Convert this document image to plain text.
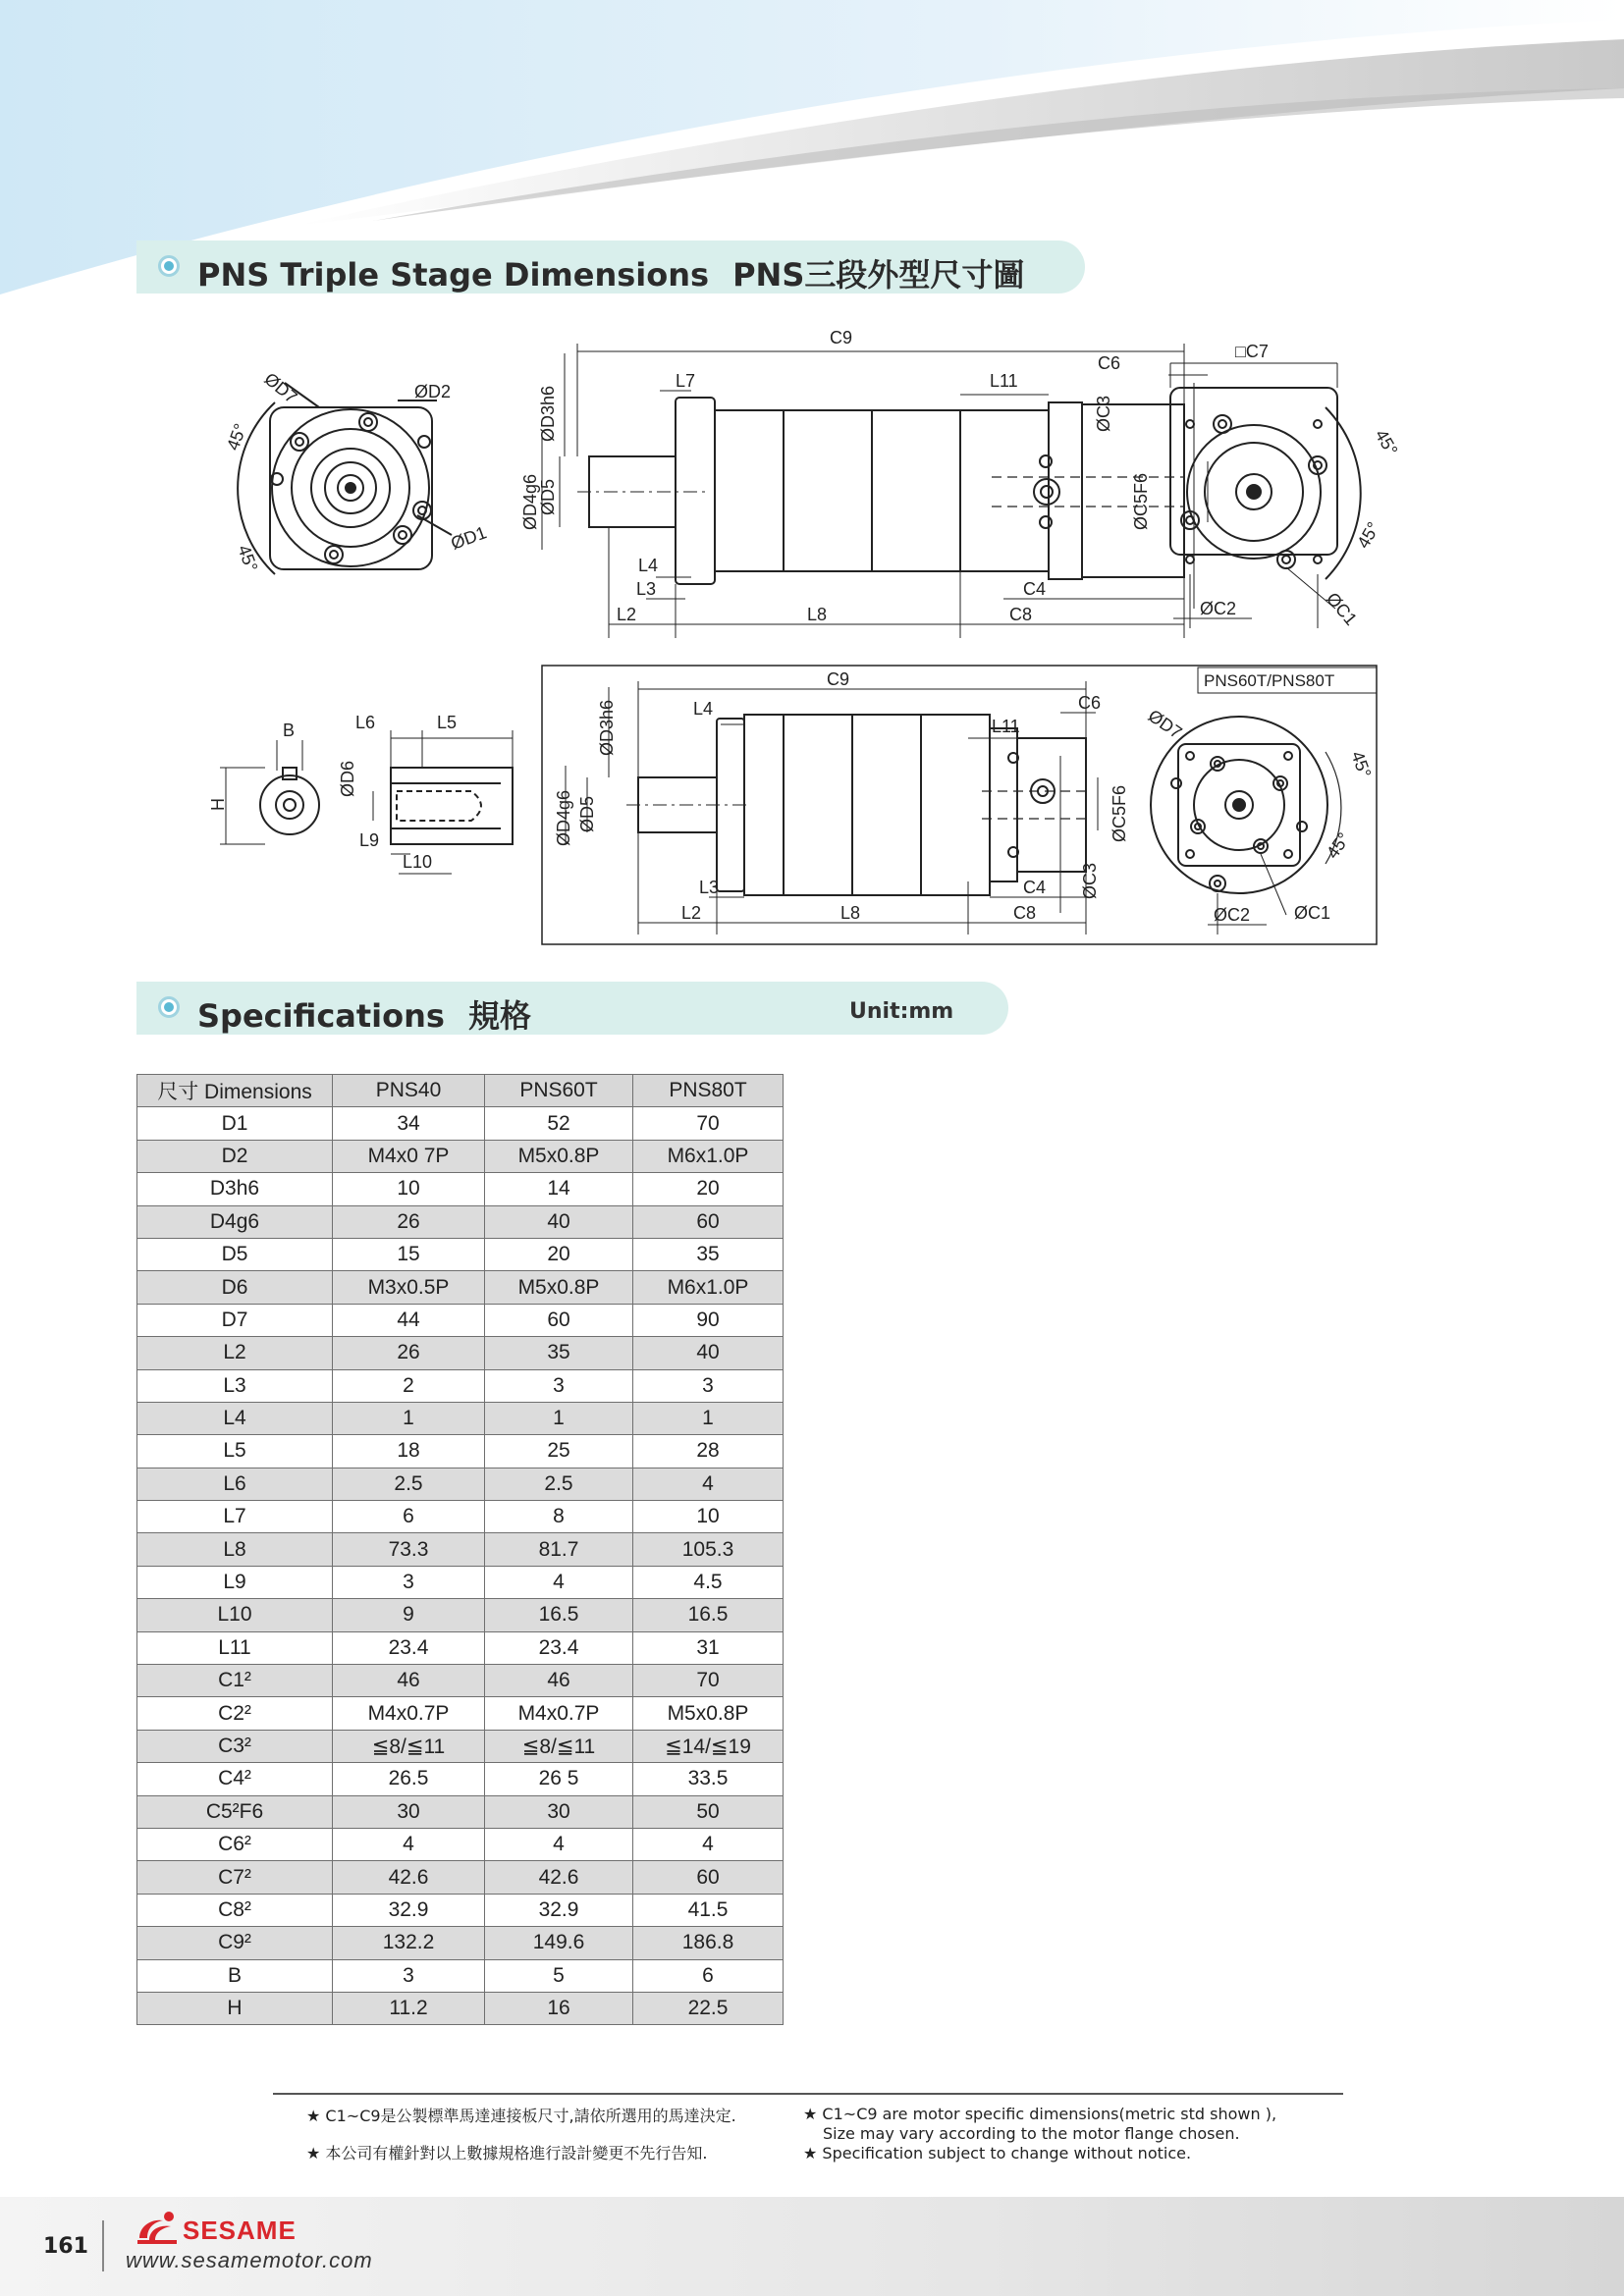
PNS Triple Stage Dimensions PNS三段外型尺寸圖
ØD7	ØD2
ØD1
45°
45°
C9
C6
L7	L11
ØC3
ØD3h6
ØD4g6
ØD5	ØC5F6
L4
L3
L2	L8
C4
C8
□C7
45°
45°
ØC1
ØC2
B
H
L6	L5
ØD6
L9
L10
PNS60T/PNS80T
C9
C6
L4
L11
ØD3h6
ØD4g6 ØD5	ØC5F6
ØC3
L3	C4
L2	L8	C8
ØD7
45°
45°
ØC1
ØC2
Specifications 規格	Unit:mm
尺寸 Dimensions	PNS40	PNS60T	PNS80T
D1	34	52	70
D2	M4x0 7P	M5x0.8P	M6x1.0P
D3h6	10	14	20
D4g6	26	40	60
D5	15	20	35
D6	M3x0.5P	M5x0.8P	M6x1.0P
D7	44	60	90
L2	26	35	40
L3	2	3	3
L4	1	1	1
L5	18	25	28
L6	2.5	2.5	4
L7	6	8	10
L8	73.3	81.7	105.3
L9	3	4	4.5
L10	9	16.5	16.5
L11	23.4	23.4	31
C1²	46	46	70
C2²	M4x0.7P	M4x0.7P	M5x0.8P
C3²	≦8/≦11	≦8/≦11	≦14/≦19
C4²	26.5	26 5	33.5
C5²F6	30	30	50
C6²	4	4	4
C7²	42.6	42.6	60
C8²	32.9	32.9	41.5
C9²	132.2	149.6	186.8
B	3	5	6
H	11.2	16	22.5
★ C1~C9是公製標準馬達連接板尺寸,請依所選用的馬達決定.
★ 本公司有權針對以上數據規格進行設計變更不先行告知.
★ C1~C9 are motor specific dimensions(metric std shown ),
Size may vary according to the motor flange chosen.
★ Specification subject to change without notice.
161
SESAME
www.sesamemotor.com
